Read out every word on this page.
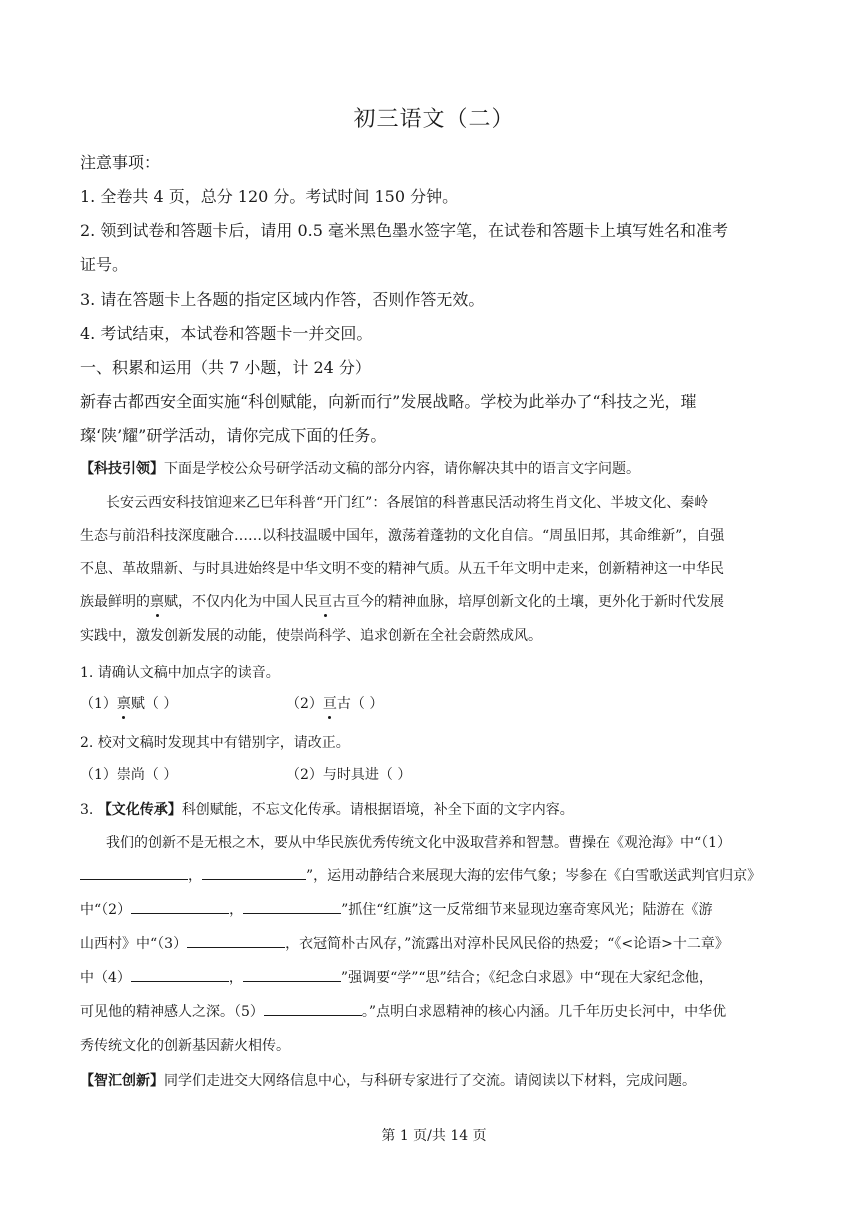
初三语文（二）
注意事项：
1. 全卷共 4 页，总分 120 分。考试时间 150 分钟。
2. 领到试卷和答题卡后，请用 0.5 毫米黑色墨水签字笔，在试卷和答题卡上填写姓名和准考
证号。
3. 请在答题卡上各题的指定区域内作答，否则作答无效。
4. 考试结束，本试卷和答题卡一并交回。
一、积累和运用（共 7 小题，计 24 分）
新春古都西安全面实施“科创赋能，向新而行”发展战略。学校为此举办了“科技之光，璀
璨‘陕’耀”研学活动，请你完成下面的任务。
【科技引领】下面是学校公众号研学活动文稿的部分内容，请你解决其中的语言文字问题。
长安云西安科技馆迎来乙巳年科普“开门红”：各展馆的科普惠民活动将生肖文化、半坡文化、秦岭
生态与前沿科技深度融合……以科技温暖中国年，激荡着蓬勃的文化自信。“周虽旧邦，其命维新”，自强
不息、革故鼎新、与时具进始终是中华文明不变的精神气质。从五千年文明中走来，创新精神这一中华民
族最鲜明的禀赋，不仅内化为中国人民亘古亘今的精神血脉，培厚创新文化的土壤，更外化于新时代发展
实践中，激发创新发展的动能，使崇尚科学、追求创新在全社会蔚然成风。
1. 请确认文稿中加点字的读音。
（1）禀赋（ ）	（2）亘古（ ）
2. 校对文稿时发现其中有错别字，请改正。
（1）崇尚（ ）	（2）与时具进（ ）
3. 【文化传承】科创赋能，不忘文化传承。请根据语境，补全下面的文字内容。
我们的创新不是无根之木，要从中华民族优秀传统文化中汲取营养和智慧。曹操在《观沧海》中“（1）
，	”，运用动静结合来展现大海的宏伟气象；岑参在《白雪歌送武判官归京》
中“（2）	，	”抓住“红旗”这一反常细节来显现边塞奇寒风光；陆游在《游
山西村》中“（3）	，衣冠简朴古风存，”流露出对淳朴民风民俗的热爱；“《<论语>十二章》
中（4）	，	”强调要“学”“思”结合；《纪念白求恩》中“现在大家纪念他，
可见他的精神感人之深。（5）	。”点明白求恩精神的核心内涵。几千年历史长河中，中华优
秀传统文化的创新基因薪火相传。
【智汇创新】同学们走进交大网络信息中心，与科研专家进行了交流。请阅读以下材料，完成问题。
第 1 页/共 14 页
